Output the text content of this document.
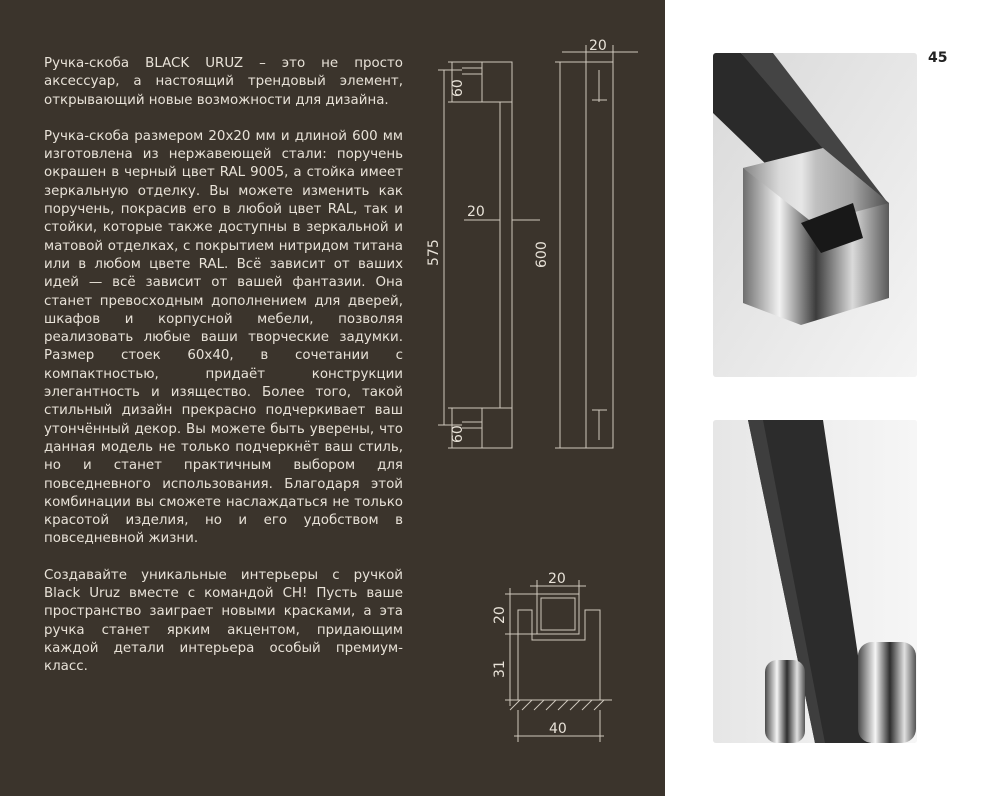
Ручка-скоба BLACK URUZ – это не просто аксессуар, а настоящий трендовый элемент, открывающий новые возможности для дизайна.

Ручка-скоба размером 20х20 мм и длиной 600 мм изготовлена из нержавеющей стали: поручень окрашен в черный цвет RAL 9005, а стойка имеет зеркальную отделку. Вы можете изменить как поручень, покрасив его в любой цвет RAL, так и стойки, которые также доступны в зеркальной и матовой отделках, с покрытием нитридом титана или в любом цвете RAL. Всё зависит от ваших идей — всё зависит от вашей фантазии. Она станет превосходным дополнением для дверей, шкафов и корпусной мебели, позволяя реализовать любые ваши творческие задумки. Размер стоек 60х40, в сочетании с компактностью, придаёт конструкции элегантность и изящество. Более того, такой стильный дизайн прекрасно подчеркивает ваш утончённый декор. Вы можете быть уверены, что данная модель не только подчеркнёт ваш стиль, но и станет практичным выбором для повседневного использования. Благодаря этой комбинации вы сможете наслаждаться не только красотой изделия, но и его удобством в повседневной жизни.

Создавайте уникальные интерьеры с ручкой Black Uruz вместе с командой СН! Пусть ваше пространство заиграет новыми красками, а эта ручка станет ярким акцентом, придающим каждой детали интерьера особый премиум-класс.

60
60
575
20
600
20
20
20
31
40
45
